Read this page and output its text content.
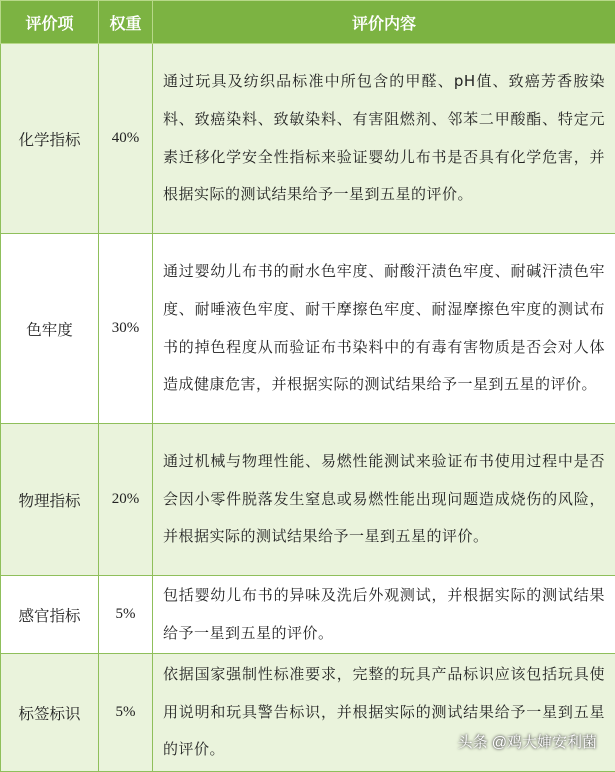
评价项	权重	评价内容
化学指标	40%	通过玩具及纺织品标准中所包含的甲醛、pH值、致癌芳香胺染料、致癌染料、致敏染料、有害阻燃剂、邻苯二甲酸酯、特定元素迁移化学安全性指标来验证婴幼儿布书是否具有化学危害，并根据实际的测试结果给予一星到五星的评价。
色牢度	30%	通过婴幼儿布书的耐水色牢度、耐酸汗渍色牢度、耐碱汗渍色牢度、耐唾液色牢度、耐干摩擦色牢度、耐湿摩擦色牢度的测试布书的掉色程度从而验证布书染料中的有毒有害物质是否会对人体造成健康危害，并根据实际的测试结果给予一星到五星的评价。
物理指标	20%	通过机械与物理性能、易燃性能测试来验证布书使用过程中是否会因小零件脱落发生窒息或易燃性能出现问题造成烧伤的风险，并根据实际的测试结果给予一星到五星的评价。
感官指标	5%	包括婴幼儿布书的异味及洗后外观测试，并根据实际的测试结果给予一星到五星的评价。
标签标识	5%	依据国家强制性标准要求，完整的玩具产品标识应该包括玩具使用说明和玩具警告标识，并根据实际的测试结果给予一星到五星的评价。	头条 @鸡大婶安利菌
